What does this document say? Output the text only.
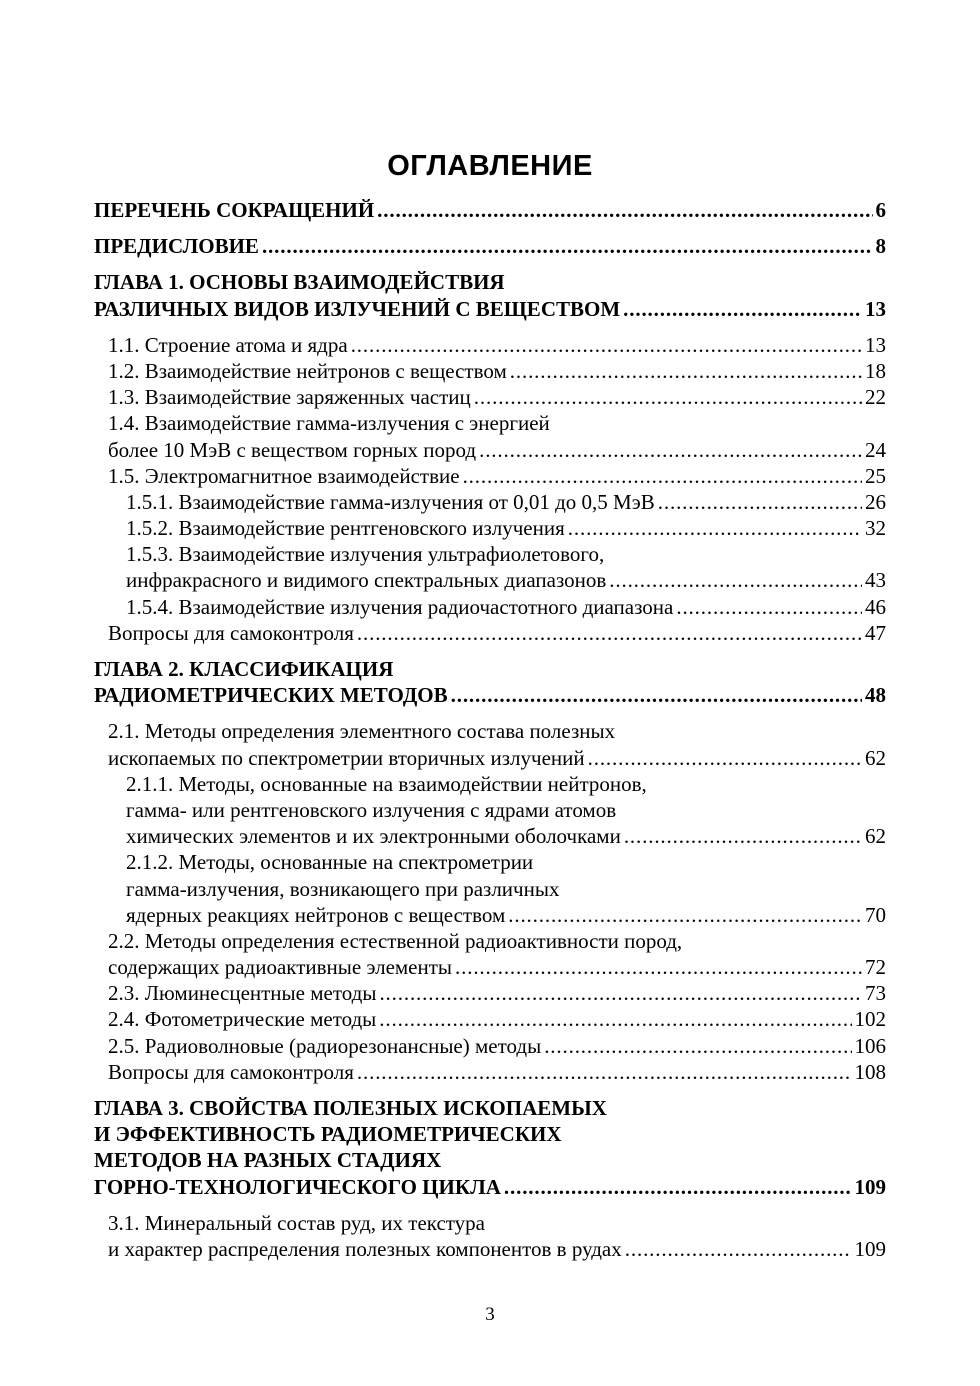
ОГЛАВЛЕНИЕ
ПЕРЕЧЕНЬ СОКРАЩЕНИЙ . . .	6
ПРЕДИСЛОВИЕ . . .	8
ГЛАВА 1. ОСНОВЫ ВЗАИМОДЕЙСТВИЯ
РАЗЛИЧНЫХ ВИДОВ ИЗЛУЧЕНИЙ С ВЕЩЕСТВОМ . . .	13
1.1. Строение атома и ядра . . .	13
1.2. Взаимодействие нейтронов с веществом . . .	18
1.3. Взаимодействие заряженных частиц . . .	22
1.4. Взаимодействие гамма-излучения с энергией
более 10 МэВ с веществом горных пород . . .	24
1.5. Электромагнитное взаимодействие . . .	25
1.5.1. Взаимодействие гамма-излучения от 0,01 до 0,5 МэВ . . .	26
1.5.2. Взаимодействие рентгеновского излучения . . .	32
1.5.3. Взаимодействие излучения ультрафиолетового,
инфракрасного и видимого спектральных диапазонов . . .	43
1.5.4. Взаимодействие излучения радиочастотного диапазона . . .	46
Вопросы для самоконтроля . . .	47
ГЛАВА 2. КЛАССИФИКАЦИЯ
РАДИОМЕТРИЧЕСКИХ МЕТОДОВ . . .	48
2.1. Методы определения элементного состава полезных
ископаемых по спектрометрии вторичных излучений . . .	62
2.1.1. Методы, основанные на взаимодействии нейтронов,
гамма- или рентгеновского излучения с ядрами атомов
химических элементов и их электронными оболочками . . .	62
2.1.2. Методы, основанные на спектрометрии
гамма-излучения, возникающего при различных
ядерных реакциях нейтронов с веществом . . .	70
2.2. Методы определения естественной радиоактивности пород,
содержащих радиоактивные элементы . . .	72
2.3. Люминесцентные методы . . .	73
2.4. Фотометрические методы . . .	102
2.5. Радиоволновые (радиорезонансные) методы . . .	106
Вопросы для самоконтроля . . .	108
ГЛАВА 3. СВОЙСТВА ПОЛЕЗНЫХ ИСКОПАЕМЫХ
И ЭФФЕКТИВНОСТЬ РАДИОМЕТРИЧЕСКИХ
МЕТОДОВ НА РАЗНЫХ СТАДИЯХ
ГОРНО-ТЕХНОЛОГИЧЕСКОГО ЦИКЛА . . .	109
3.1. Минеральный состав руд, их текстура
и характер распределения полезных компонентов в рудах . . .	109
3
